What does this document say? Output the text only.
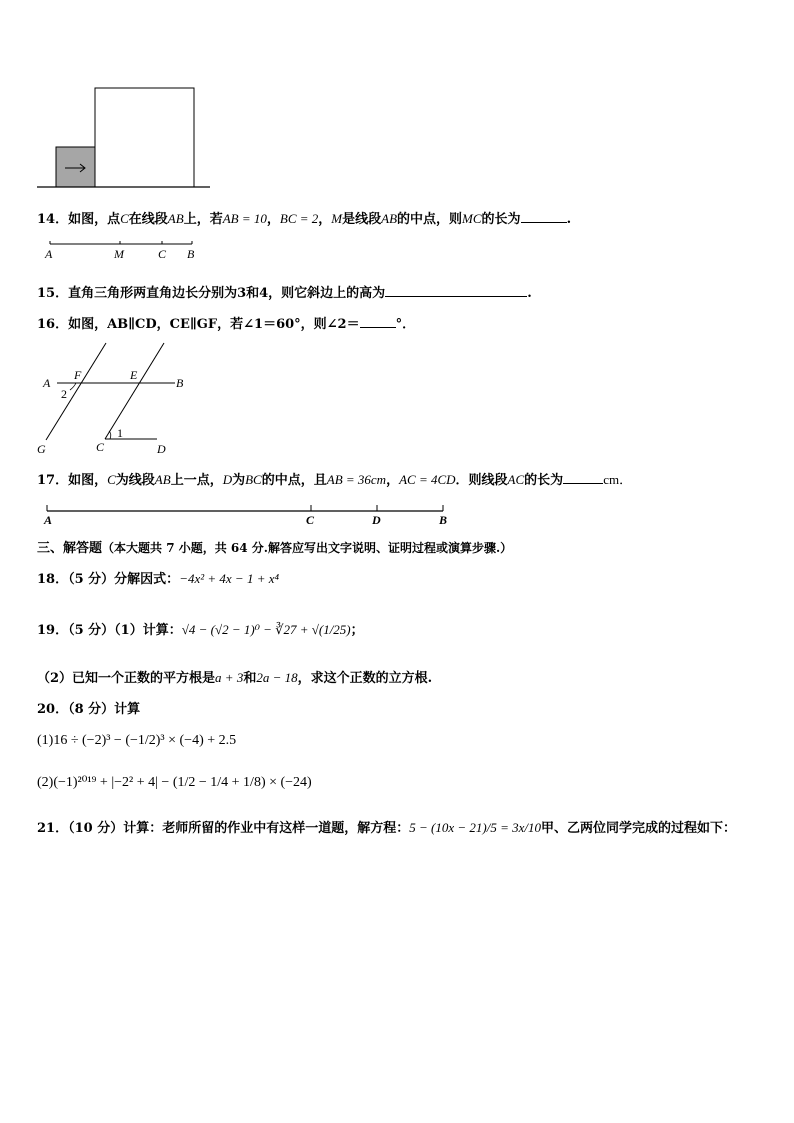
14．如图，点C在线段AB上，若AB = 10，BC = 2，M是线段AB的中点，则MC的长为	.
A	M	C B
15．直角三角形两直角边长分别为3和4，则它斜边上的高为	.
16．如图，AB∥CD，CE∥GF，若∠1＝60°，则∠2＝	°．
A
F	E
B
2
G	C
1
D
17．如图，C为线段AB上一点，D为BC的中点，且AB = 36cm，AC = 4CD．则线段AC的长为	cm．
A	C	D	B
三、解答题（本大题共 7 小题，共 64 分.解答应写出文字说明、证明过程或演算步骤.）
18．（5 分）分解因式：−4x² + 4x − 1 + x⁴
19．（5 分）（1）计算：√4 − (√2 − 1)⁰ − ∛27 + √(1/25)；
（2）已知一个正数的平方根是a + 3和2a − 18，求这个正数的立方根.
20．（8 分）计算
(1)16 ÷ (−2)³ − (−1/2)³ × (−4) + 2.5
(2)(−1)²⁰¹⁹ + |−2² + 4| − (1/2 − 1/4 + 1/8) × (−24)
21．（10 分）计算：老师所留的作业中有这样一道题，解方程：5 − (10x − 21)/5 = 3x/10甲、乙两位同学完成的过程如下：
